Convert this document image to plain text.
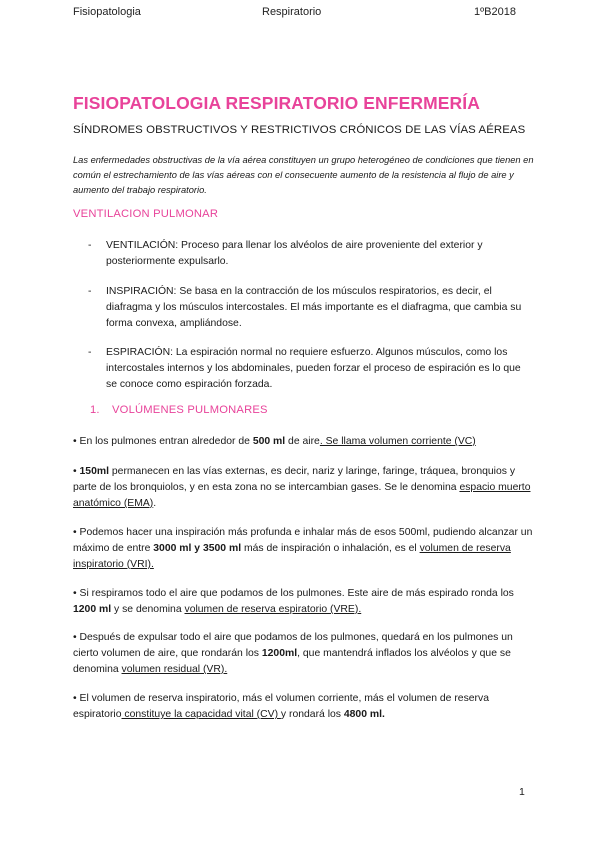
Fisiopatologia	Respiratorio	1ºB2018
FISIOPATOLOGIA RESPIRATORIO ENFERMERÍA
SÍNDROMES OBSTRUCTIVOS Y RESTRICTIVOS CRÓNICOS DE LAS VÍAS AÉREAS
Las enfermedades obstructivas de la vía aérea constituyen un grupo heterogéneo de condiciones que tienen en común el estrechamiento de las vías aéreas con el consecuente aumento de la resistencia al flujo de aire y aumento del trabajo respiratorio.
VENTILACION PULMONAR
- VENTILACIÓN: Proceso para llenar los alvéolos de aire proveniente del exterior y posteriormente expulsarlo.
- INSPIRACIÓN: Se basa en la contracción de los músculos respiratorios, es decir, el diafragma y los músculos intercostales. El más importante es el diafragma, que cambia su forma convexa, ampliándose.
- ESPIRACIÓN: La espiración normal no requiere esfuerzo. Algunos músculos, como los intercostales internos y los abdominales, pueden forzar el proceso de espiración es lo que se conoce como espiración forzada.
1. VOLÚMENES PULMONARES
• En los pulmones entran alrededor de 500 ml de aire. Se llama volumen corriente (VC)
• 150ml permanecen en las vías externas, es decir, nariz y laringe, faringe, tráquea, bronquios y parte de los bronquiolos, y en esta zona no se intercambian gases. Se le denomina espacio muerto anatómico (EMA).
• Podemos hacer una inspiración más profunda e inhalar más de esos 500ml, pudiendo alcanzar un máximo de entre 3000 ml y 3500 ml más de inspiración o inhalación, es el volumen de reserva inspiratorio (VRI).
• Si respiramos todo el aire que podamos de los pulmones. Este aire de más espirado ronda los 1200 ml y se denomina volumen de reserva espiratorio (VRE).
• Después de expulsar todo el aire que podamos de los pulmones, quedará en los pulmones un cierto volumen de aire, que rondarán los 1200ml, que mantendrá inflados los alvéolos y que se denomina volumen residual (VR).
• El volumen de reserva inspiratorio, más el volumen corriente, más el volumen de reserva espiratorio constituye la capacidad vital (CV) y rondará los 4800 ml.
1
